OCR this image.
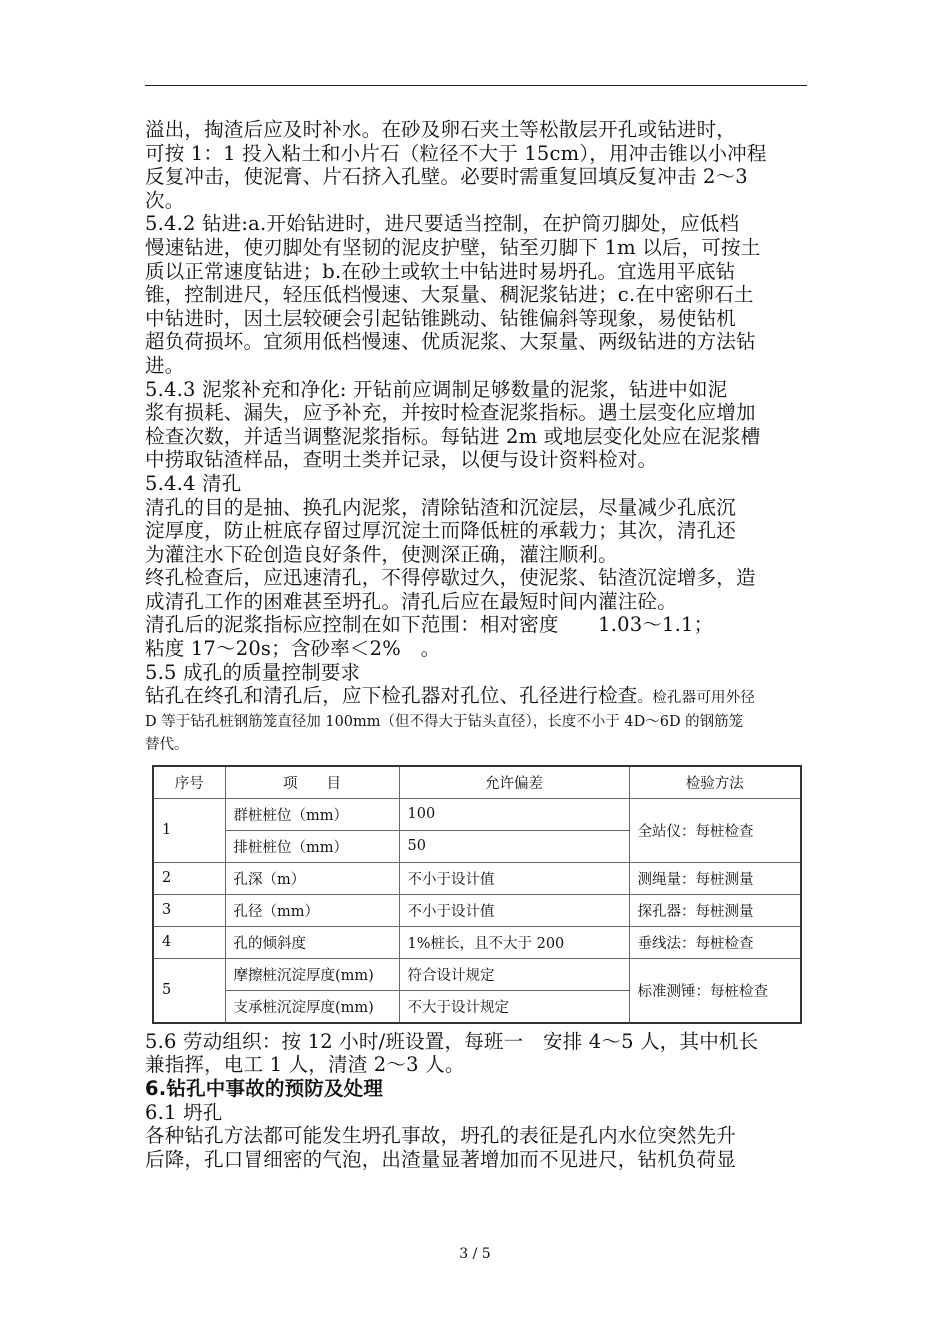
溢出，掏渣后应及时补水。在砂及卵石夹土等松散层开孔或钻进时，

可按 1：1 投入粘土和小片石（粒径不大于 15cm），用冲击锥以小冲程

反复冲击，使泥膏、片石挤入孔壁。必要时需重复回填反复冲击 2～3

次。

5.4.2 钻进:a.开始钻进时，进尺要适当控制，在护筒刃脚处，应低档

慢速钻进，使刃脚处有坚韧的泥皮护壁，钻至刃脚下 1m 以后，可按土

质以正常速度钻进；b.在砂土或软土中钻进时易坍孔。宜选用平底钻

锥，控制进尺，轻压低档慢速、大泵量、稠泥浆钻进；c.在中密卵石土

中钻进时，因土层较硬会引起钻锥跳动、钻锥偏斜等现象，易使钻机

超负荷损坏。宜须用低档慢速、优质泥浆、大泵量、两级钻进的方法钻

进。

5.4.3 泥浆补充和净化: 开钻前应调制足够数量的泥浆，钻进中如泥

浆有损耗、漏失，应予补充，并按时检查泥浆指标。遇土层变化应增加

检查次数，并适当调整泥浆指标。每钻进 2m 或地层变化处应在泥浆槽

中捞取钻渣样品，查明土类并记录，以便与设计资料检对。

5.4.4 清孔

清孔的目的是抽、换孔内泥浆，清除钻渣和沉淀层，尽量减少孔底沉

淀厚度，防止桩底存留过厚沉淀土而降低桩的承载力；其次，清孔还

为灌注水下砼创造良好条件，使测深正确，灌注顺利。

终孔检查后，应迅速清孔，不得停歇过久，使泥浆、钻渣沉淀增多，造

成清孔工作的困难甚至坍孔。清孔后应在最短时间内灌注砼。

清孔后的泥浆指标应控制在如下范围：相对密度　　1.03～1.1；

粘度 17～20s；含砂率＜2%　。

5.5 成孔的质量控制要求

钻孔在终孔和清孔后，应下检孔器对孔位、孔径进行检查。检孔器可用外径

D 等于钻孔桩钢筋笼直径加 100mm（但不得大于钻头直径），长度不小于 4D～6D 的钢筋笼

替代。

序号	项　　目	允许偏差	检验方法
1	群桩桩位（mm）	100	全站仪：每桩检查
	排桩桩位（mm）	50	
2	孔深（m）	不小于设计值	测绳量：每桩测量
3	孔径（mm）	不小于设计值	探孔器：每桩测量
4	孔的倾斜度	1%桩长，且不大于 200	垂线法：每桩检查
5	摩擦桩沉淀厚度(mm)	符合设计规定	标准测锤：每桩检查
	支承桩沉淀厚度(mm)	不大于设计规定	

5.6 劳动组织：按 12 小时/班设置，每班一　安排 4～5 人，其中机长

兼指挥，电工 1 人，清渣 2～3 人。

6.钻孔中事故的预防及处理

6.1 坍孔

各种钻孔方法都可能发生坍孔事故，坍孔的表征是孔内水位突然先升

后降，孔口冒细密的气泡，出渣量显著增加而不见进尺，钻机负荷显

3 / 5
